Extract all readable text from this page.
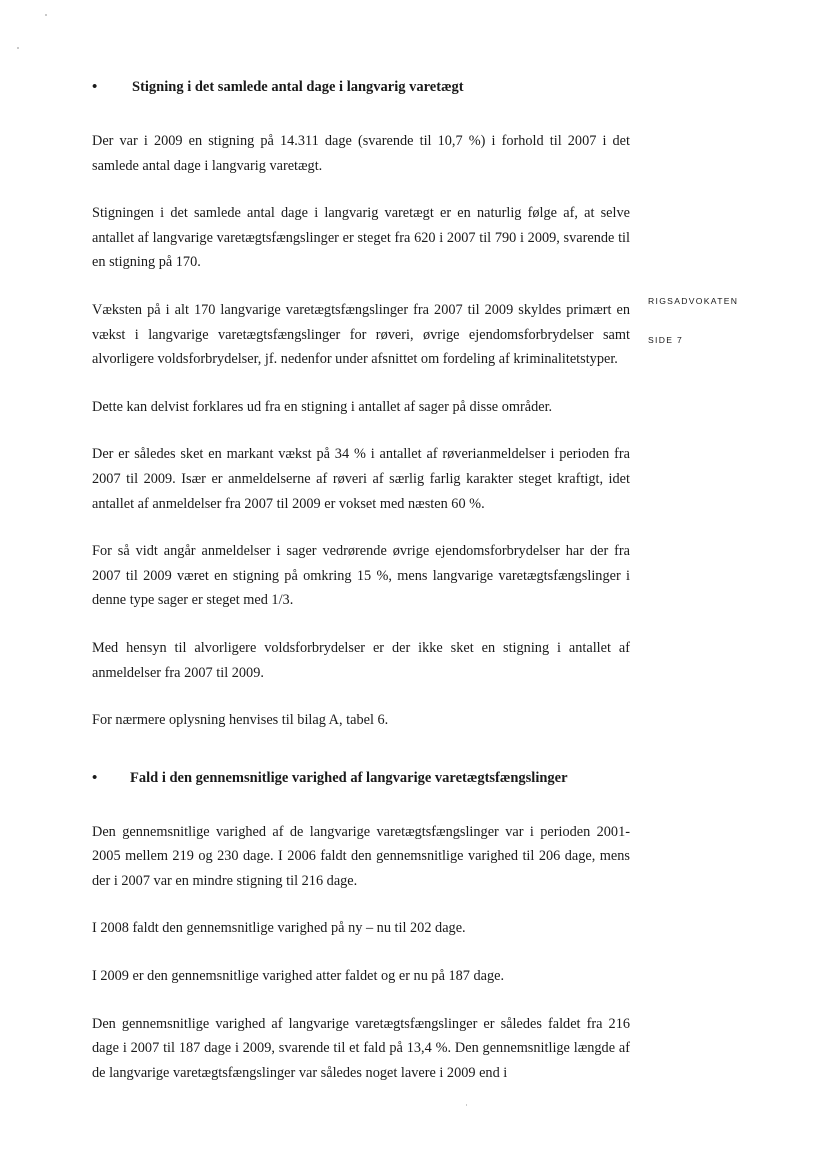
• Stigning i det samlede antal dage i langvarig varetægt

Der var i 2009 en stigning på 14.311 dage (svarende til 10,7 %) i forhold til 2007 i det samlede antal dage i langvarig varetægt.

Stigningen i det samlede antal dage i langvarig varetægt er en naturlig følge af, at selve antallet af langvarige varetægtsfængslinger er steget fra 620 i 2007 til 790 i 2009, svarende til en stigning på 170.

Væksten på i alt 170 langvarige varetægtsfængslinger fra 2007 til 2009 skyldes primært en vækst i langvarige varetægtsfængslinger for røveri, øvrige ejendomsforbrydelser samt alvorligere voldsforbrydelser, jf. nedenfor under afsnittet om fordeling af kriminalitetstyper.

Dette kan delvist forklares ud fra en stigning i antallet af sager på disse områder.

Der er således sket en markant vækst på 34 % i antallet af røverianmeldelser i perioden fra 2007 til 2009. Især er anmeldelserne af røveri af særlig farlig karakter steget kraftigt, idet antallet af anmeldelser fra 2007 til 2009 er vokset med næsten 60 %.

For så vidt angår anmeldelser i sager vedrørende øvrige ejendomsforbrydelser har der fra 2007 til 2009 været en stigning på omkring 15 %, mens langvarige varetægtsfængslinger i denne type sager er steget med 1/3.

Med hensyn til alvorligere voldsforbrydelser er der ikke sket en stigning i antallet af anmeldelser fra 2007 til 2009.

For nærmere oplysning henvises til bilag A, tabel 6.

• Fald i den gennemsnitlige varighed af langvarige varetægtsfængslinger

Den gennemsnitlige varighed af de langvarige varetægtsfængslinger var i perioden 2001-2005 mellem 219 og 230 dage. I 2006 faldt den gennemsnitlige varighed til 206 dage, mens der i 2007 var en mindre stigning til 216 dage.

I 2008 faldt den gennemsnitlige varighed på ny – nu til 202 dage.

I 2009 er den gennemsnitlige varighed atter faldet og er nu på 187 dage.

Den gennemsnitlige varighed af langvarige varetægtsfængslinger er således faldet fra 216 dage i 2007 til 187 dage i 2009, svarende til et fald på 13,4 %. Den gennemsnitlige længde af de langvarige varetægtsfængslinger var således noget lavere i 2009 end i

RIGSADVOKATEN
SIDE 7
